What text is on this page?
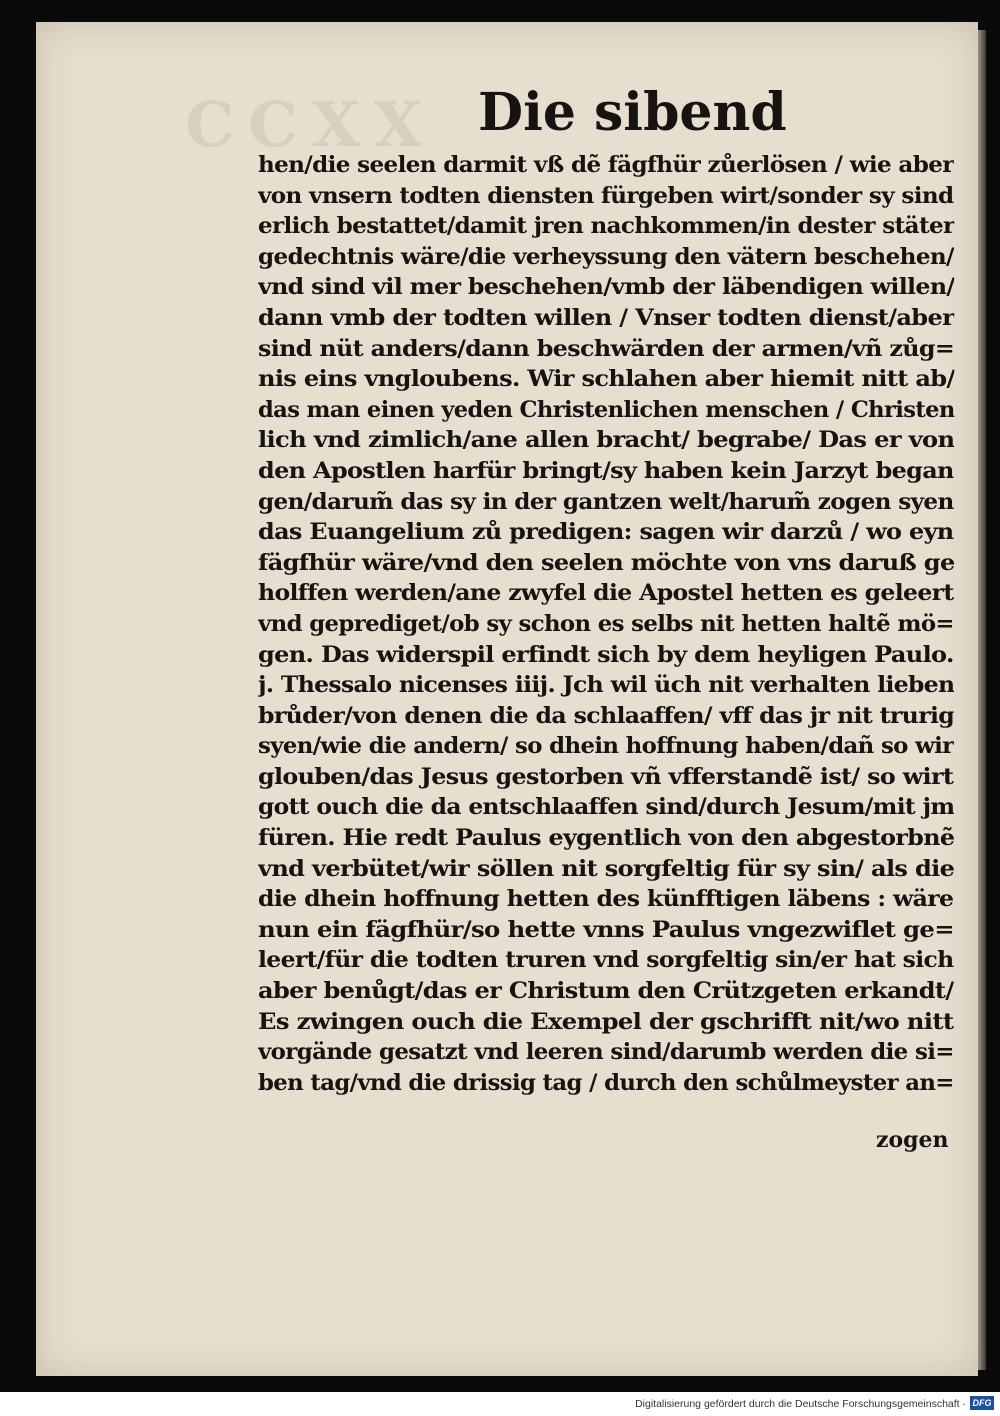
CCXX Die sibend
hen/die seelen darmit vß dẽ fägfhür zůerlösen / wie aber
von vnsern todten diensten fürgeben wirt/sonder sy sind
erlich bestattet/damit jren nachkommen/in dester stäter
gedechtnis wäre/die verheyssung den vätern beschehen/
vnd sind vil mer beschehen/vmb der läbendigen willen/
dann vmb der todten willen / Vnser todten dienst/aber
sind nüt anders/dann beschwärden der armen/vñ zůg=
nis eins vngloubens. Wir schlahen aber hiemit nitt ab/
das man einen yeden Christenlichen menschen / Christen
lich vnd zimlich/ane allen bracht/ begrabe/ Das er von
den Apostlen harfür bringt/sy haben kein Jarzyt began
gen/darum̃ das sy in der gantzen welt/harum̃ zogen syen
das Euangelium zů predigen: sagen wir darzů / wo eyn
fägfhür wäre/vnd den seelen möchte von vns daruß ge
holffen werden/ane zwyfel die Apostel hetten es geleert
vnd geprediget/ob sy schon es selbs nit hetten haltẽ mö=
gen. Das widerspil erfindt sich by dem heyligen Paulo.
j. Thessalo nicenses iiij. Jch wil üch nit verhalten lieben
brůder/von denen die da schlaaffen/ vff das jr nit trurig
syen/wie die andern/ so dhein hoffnung haben/dañ so wir
glouben/das Jesus gestorben vñ vfferstandẽ ist/ so wirt
gott ouch die da entschlaaffen sind/durch Jesum/mit jm
füren. Hie redt Paulus eygentlich von den abgestorbnẽ
vnd verbütet/wir söllen nit sorgfeltig für sy sin/ als die
die dhein hoffnung hetten des künfftigen läbens : wäre
nun ein fägfhür/so hette vnns Paulus vngezwiflet ge=
leert/für die todten truren vnd sorgfeltig sin/er hat sich
aber benůgt/das er Christum den Crützgeten erkandt/
Es zwingen ouch die Exempel der gschrifft nit/wo nitt
vorgände gesatzt vnd leeren sind/darumb werden die si=
ben tag/vnd die drissig tag / durch den schůlmeyster an=
zogen
Digitalisierung gefördert durch die Deutsche Forschungsgemeinschaft · DFG
